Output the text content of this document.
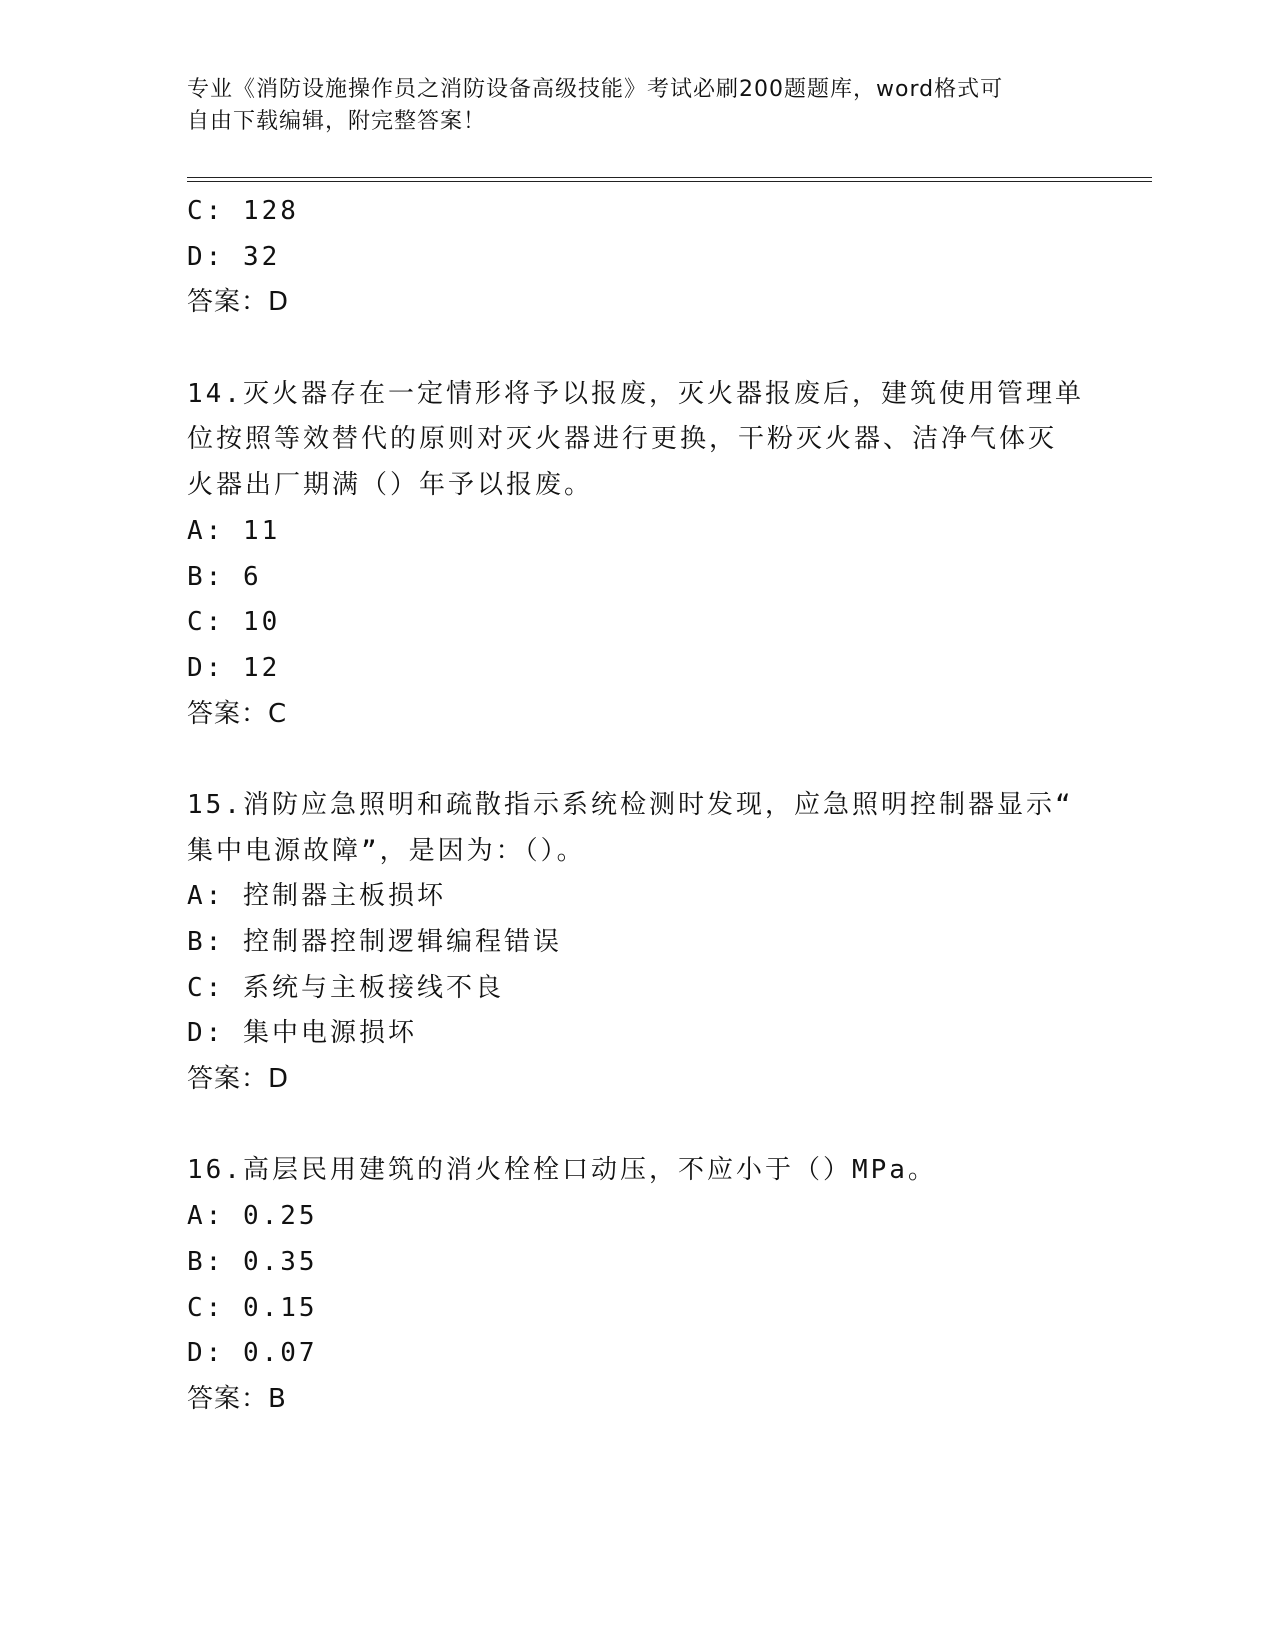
专业《消防设施操作员之消防设备高级技能》考试必刷200题题库，word格式可
自由下载编辑，附完整答案！
C: 128
D: 32
答案：D
14.灭火器存在一定情形将予以报废，灭火器报废后，建筑使用管理单
位按照等效替代的原则对灭火器进行更换，干粉灭火器、洁净气体灭
火器出厂期满（）年予以报废。
A: 11
B: 6
C: 10
D: 12
答案：C
15.消防应急照明和疏散指示系统检测时发现，应急照明控制器显示“
集中电源故障”，是因为：（）。
A: 控制器主板损坏
B: 控制器控制逻辑编程错误
C: 系统与主板接线不良
D: 集中电源损坏
答案：D
16.高层民用建筑的消火栓栓口动压，不应小于（）MPa。
A: 0.25
B: 0.35
C: 0.15
D: 0.07
答案：B
